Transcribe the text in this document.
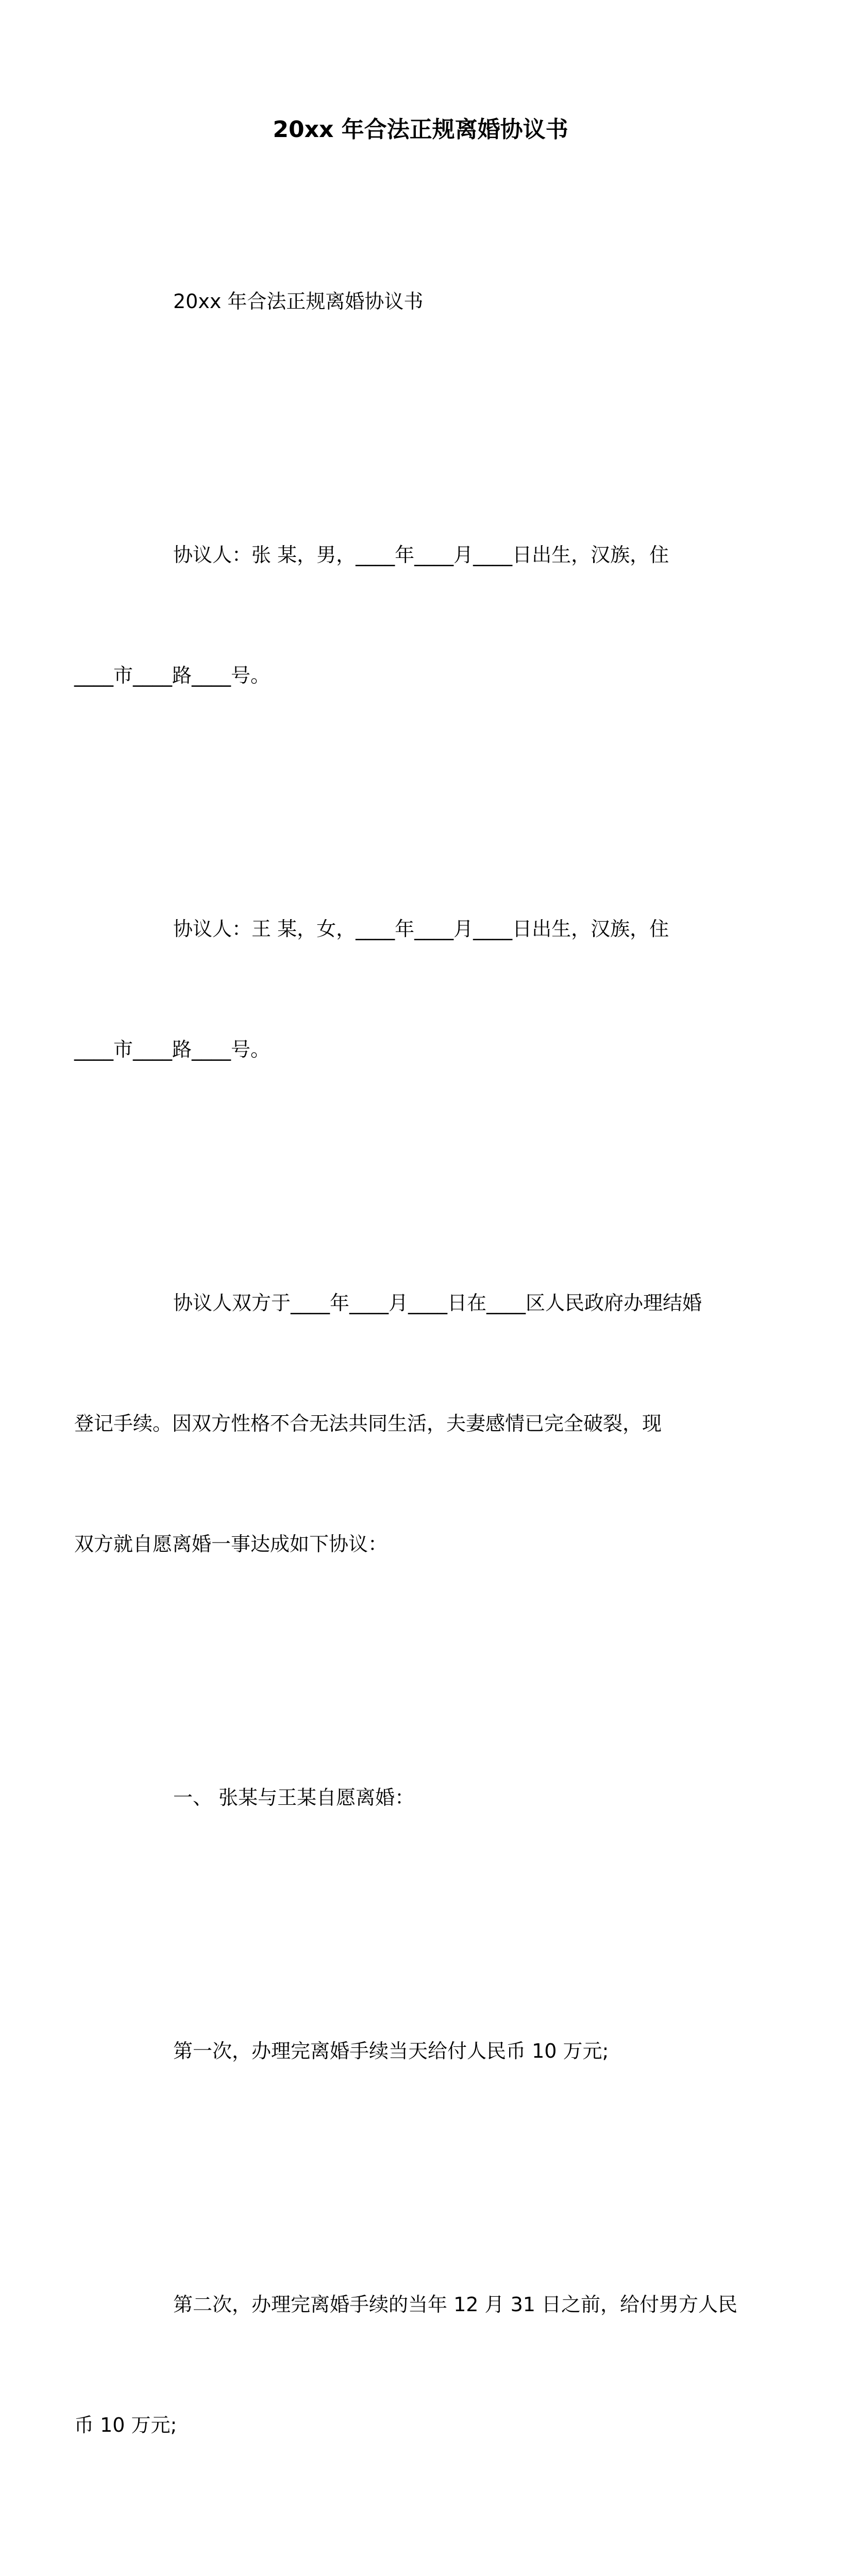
20xx 年合法正规离婚协议书

20xx 年合法正规离婚协议书

协议人：张 某，男，____年____月____日出生，汉族，住

____市____路____号。

协议人：王 某，女，____年____月____日出生，汉族，住

____市____路____号。

协议人双方于____年____月____日在____区人民政府办理结婚

登记手续。因双方性格不合无法共同生活，夫妻感情已完全破裂，现

双方就自愿离婚一事达成如下协议：

一、 张某与王某自愿离婚：

第一次，办理完离婚手续当天给付人民币 10 万元;

第二次，办理完离婚手续的当年 12 月 31 日之前，给付男方人民

币 10 万元;
